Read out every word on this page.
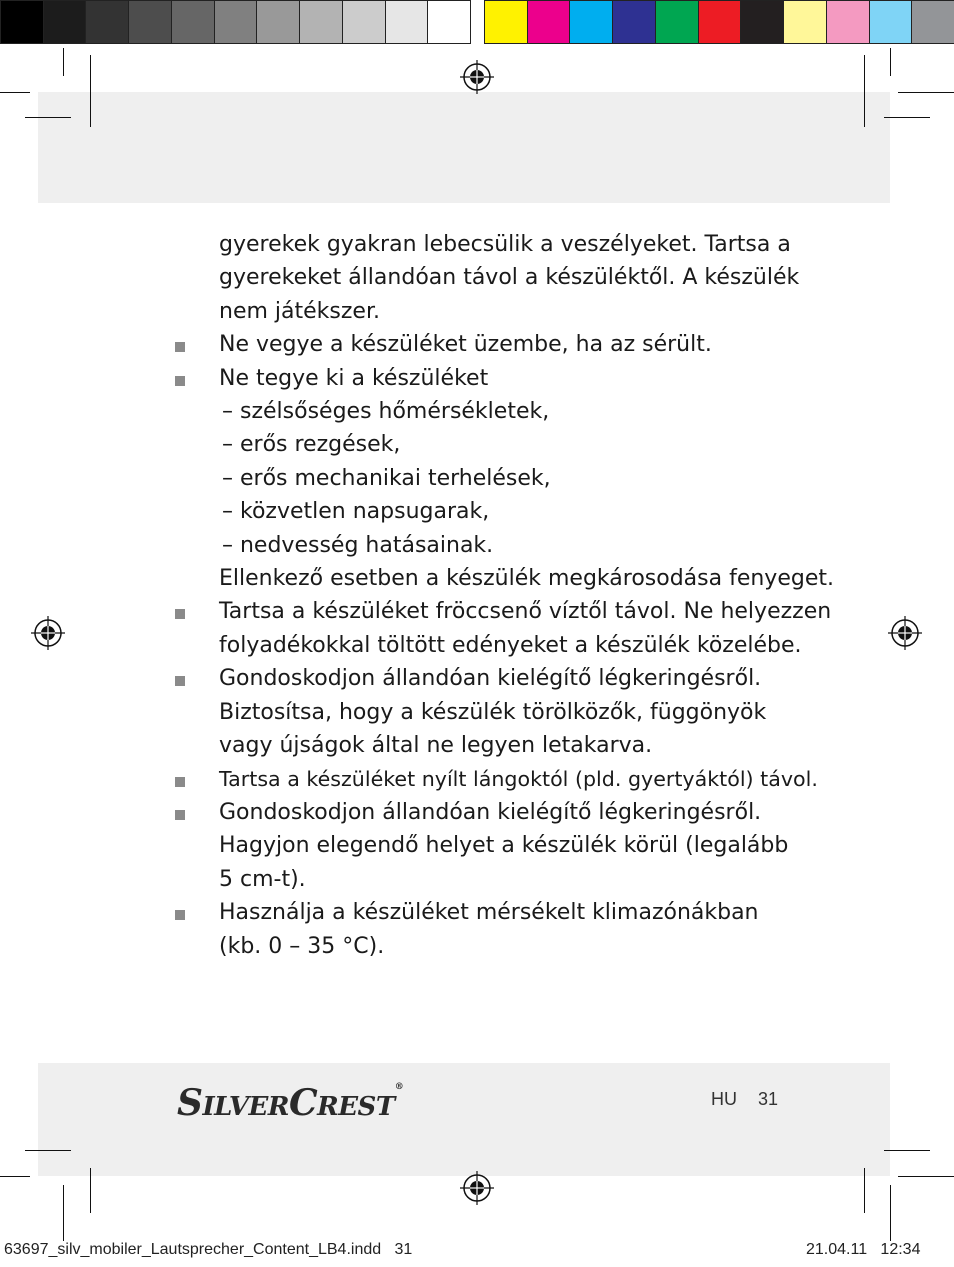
gyerekek gyakran lebecsülik a veszélyeket. Tartsa a
gyerekeket állandóan távol a készüléktől. A készülék
nem játékszer.
Ne vegye a készüléket üzembe, ha az sérült.
Ne tegye ki a készüléket
– szélsőséges hőmérsékletek,
– erős rezgések,
– erős mechanikai terhelések,
– közvetlen napsugarak,
– nedvesség hatásainak.
Ellenkező esetben a készülék megkárosodása fenyeget.
Tartsa a készüléket fröccsenő víztől távol. Ne helyezzen
folyadékokkal töltött edényeket a készülék közelébe.
Gondoskodjon állandóan kielégítő légkeringésről.
Biztosítsa, hogy a készülék törölközők, függönyök
vagy újságok által ne legyen letakarva.
Tartsa a készüléket nyílt lángoktól (pld. gyertyáktól) távol.
Gondoskodjon állandóan kielégítő légkeringésről.
Hagyjon elegendő helyet a készülék körül (legalább
5 cm-t).
Használja a készüléket mérsékelt klimazónákban
(kb. 0 – 35 °C).
SILVERCREST®
HU 31
63697_silv_mobiler_Lautsprecher_Content_LB4.indd   31	21.04.11   12:34
